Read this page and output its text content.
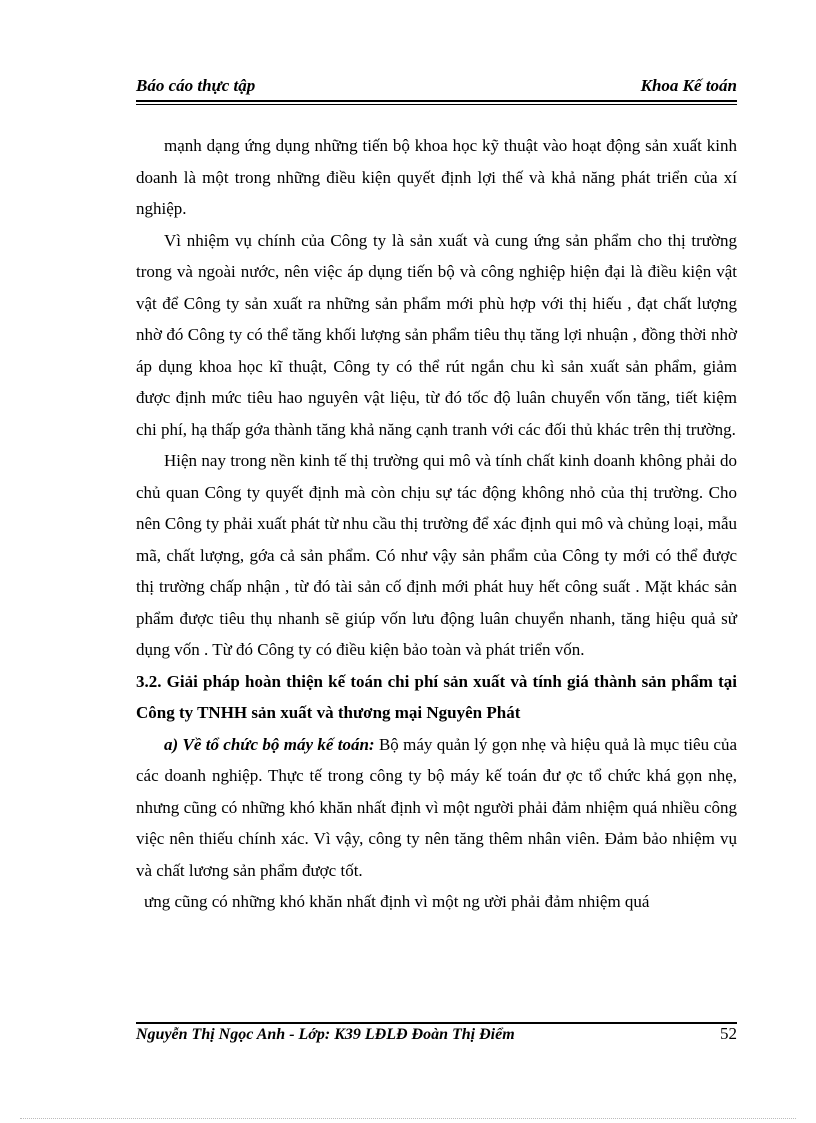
Báo cáo thực tập	Khoa Kế toán

mạnh dạng ứng dụng những tiến bộ khoa học kỹ thuật vào hoạt động sản xuất kinh doanh là một trong những điều kiện quyết định lợi thế và khả năng phát triển của xí nghiệp.

Vì nhiệm vụ chính của Công ty là sản xuất và cung ứng sản phẩm cho thị trường trong và ngoài nước, nên việc áp dụng tiến bộ và công nghiệp hiện đại là điều kiện vật vật để Công ty sản xuất ra những sản phẩm mới phù hợp với thị hiếu , đạt chất lượng nhờ đó Công ty có thể tăng khối lượng sản phẩm tiêu thụ tăng lợi nhuận , đồng thời nhờ áp dụng khoa học kĩ thuật, Công ty có thể rút ngắn chu kì sản xuất sản phẩm, giảm được định mức tiêu hao nguyên vật liệu, từ đó tốc độ luân chuyển vốn tăng, tiết kiệm chi phí, hạ thấp gớa thành tăng khả năng cạnh tranh với các đối thủ khác trên thị trường.

Hiện nay trong nền kinh tế thị trường qui mô và tính chất kinh doanh không phải do chủ quan Công ty quyết định mà còn chịu sự tác động không nhỏ của thị trường. Cho nên Công ty phải xuất phát từ nhu cầu thị trường để xác định qui mô và chủng loại, mẫu mã, chất lượng, gớa cả sản phẩm. Có như vậy sản phẩm của Công ty mới có thể được thị trường chấp nhận , từ đó tài sản cố định mới phát huy hết công suất . Mặt khác sản phẩm được tiêu thụ nhanh sẽ giúp vốn lưu động luân chuyển nhanh, tăng hiệu quả sử dụng vốn . Từ đó Công ty có điều kiện bảo toàn và phát triển vốn.

3.2. Giải pháp hoàn thiện kế toán chi phí sản xuất và tính giá thành sản phẩm tại Công ty TNHH sản xuất và thương mại Nguyên Phát

a) Về tổ chức bộ máy kế toán: Bộ máy quản lý gọn nhẹ và hiệu quả là mục tiêu của các doanh nghiệp. Thực tế trong công ty bộ máy kế toán đư ợc tổ chức khá gọn nhẹ, nhưng cũng có những khó khăn nhất định vì một người phải đảm nhiệm quá nhiều công việc nên thiếu chính xác. Vì vậy, công ty nên tăng thêm nhân viên. Đảm bảo nhiệm vụ và chất lương sản phẩm được tốt.

ưng cũng có những khó khăn nhất định vì một ng ười phải đảm nhiệm quá

Nguyễn Thị Ngọc Anh - Lớp: K39 LĐLĐ Đoàn Thị Điểm	52
